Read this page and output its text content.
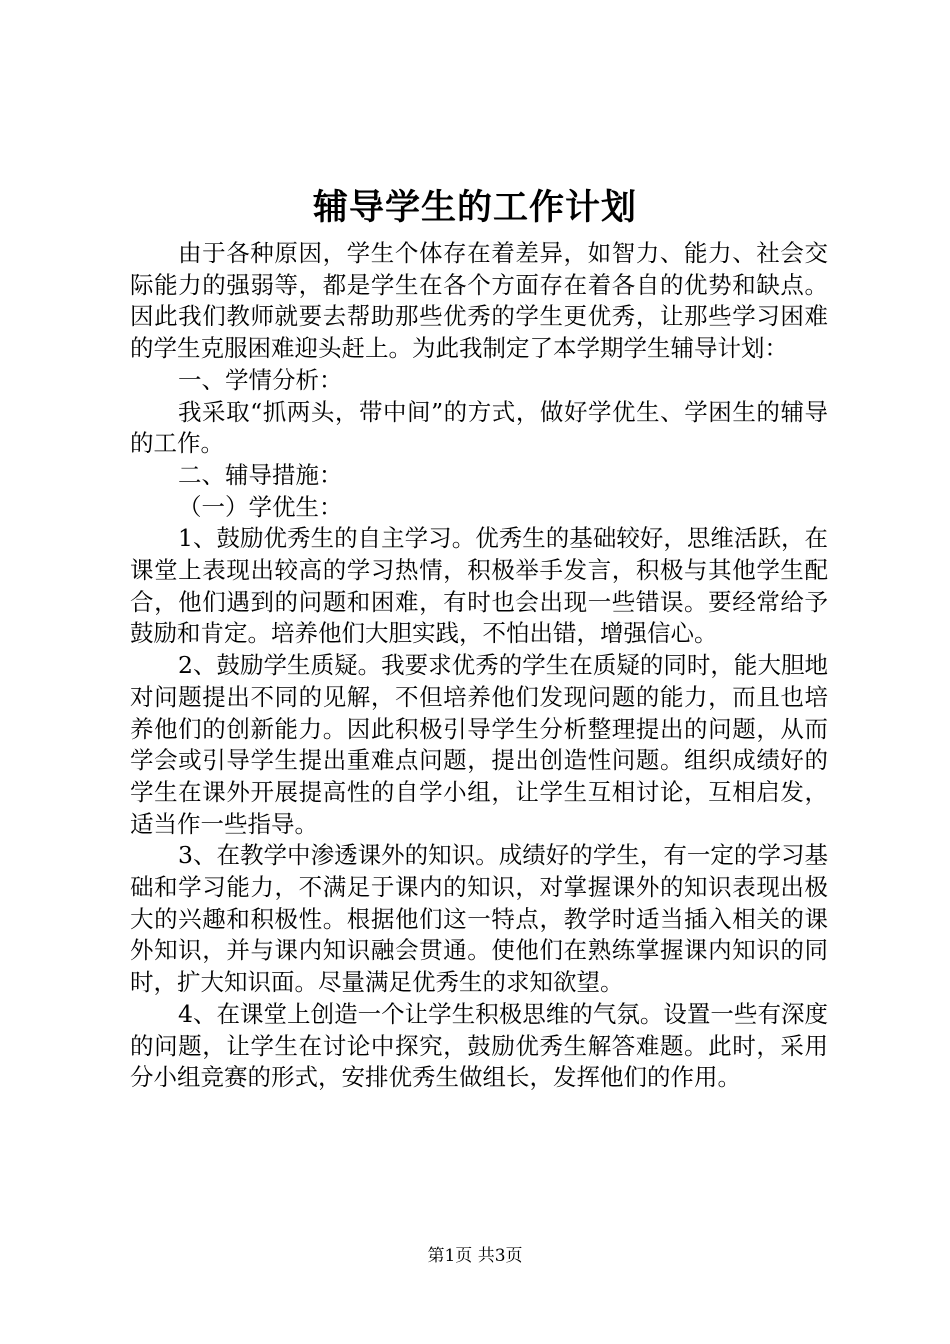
辅导学生的工作计划

由于各种原因，学生个体存在着差异，如智力、能力、社会交际能力的强弱等，都是学生在各个方面存在着各自的优势和缺点。因此我们教师就要去帮助那些优秀的学生更优秀，让那些学习困难的学生克服困难迎头赶上。为此我制定了本学期学生辅导计划：

一、学情分析：

我采取“抓两头，带中间”的方式，做好学优生、学困生的辅导的工作。

二、辅导措施：

（一）学优生：

1、鼓励优秀生的自主学习。优秀生的基础较好，思维活跃，在课堂上表现出较高的学习热情，积极举手发言，积极与其他学生配合，他们遇到的问题和困难，有时也会出现一些错误。要经常给予鼓励和肯定。培养他们大胆实践，不怕出错，增强信心。

2、鼓励学生质疑。我要求优秀的学生在质疑的同时，能大胆地对问题提出不同的见解，不但培养他们发现问题的能力，而且也培养他们的创新能力。因此积极引导学生分析整理提出的问题，从而学会或引导学生提出重难点问题，提出创造性问题。组织成绩好的学生在课外开展提高性的自学小组，让学生互相讨论，互相启发，适当作一些指导。

3、在教学中渗透课外的知识。成绩好的学生，有一定的学习基础和学习能力，不满足于课内的知识，对掌握课外的知识表现出极大的兴趣和积极性。根据他们这一特点，教学时适当插入相关的课外知识，并与课内知识融会贯通。使他们在熟练掌握课内知识的同时，扩大知识面。尽量满足优秀生的求知欲望。

4、在课堂上创造一个让学生积极思维的气氛。设置一些有深度的问题，让学生在讨论中探究，鼓励优秀生解答难题。此时，采用分小组竞赛的形式，安排优秀生做组长，发挥他们的作用。

第1页 共3页
